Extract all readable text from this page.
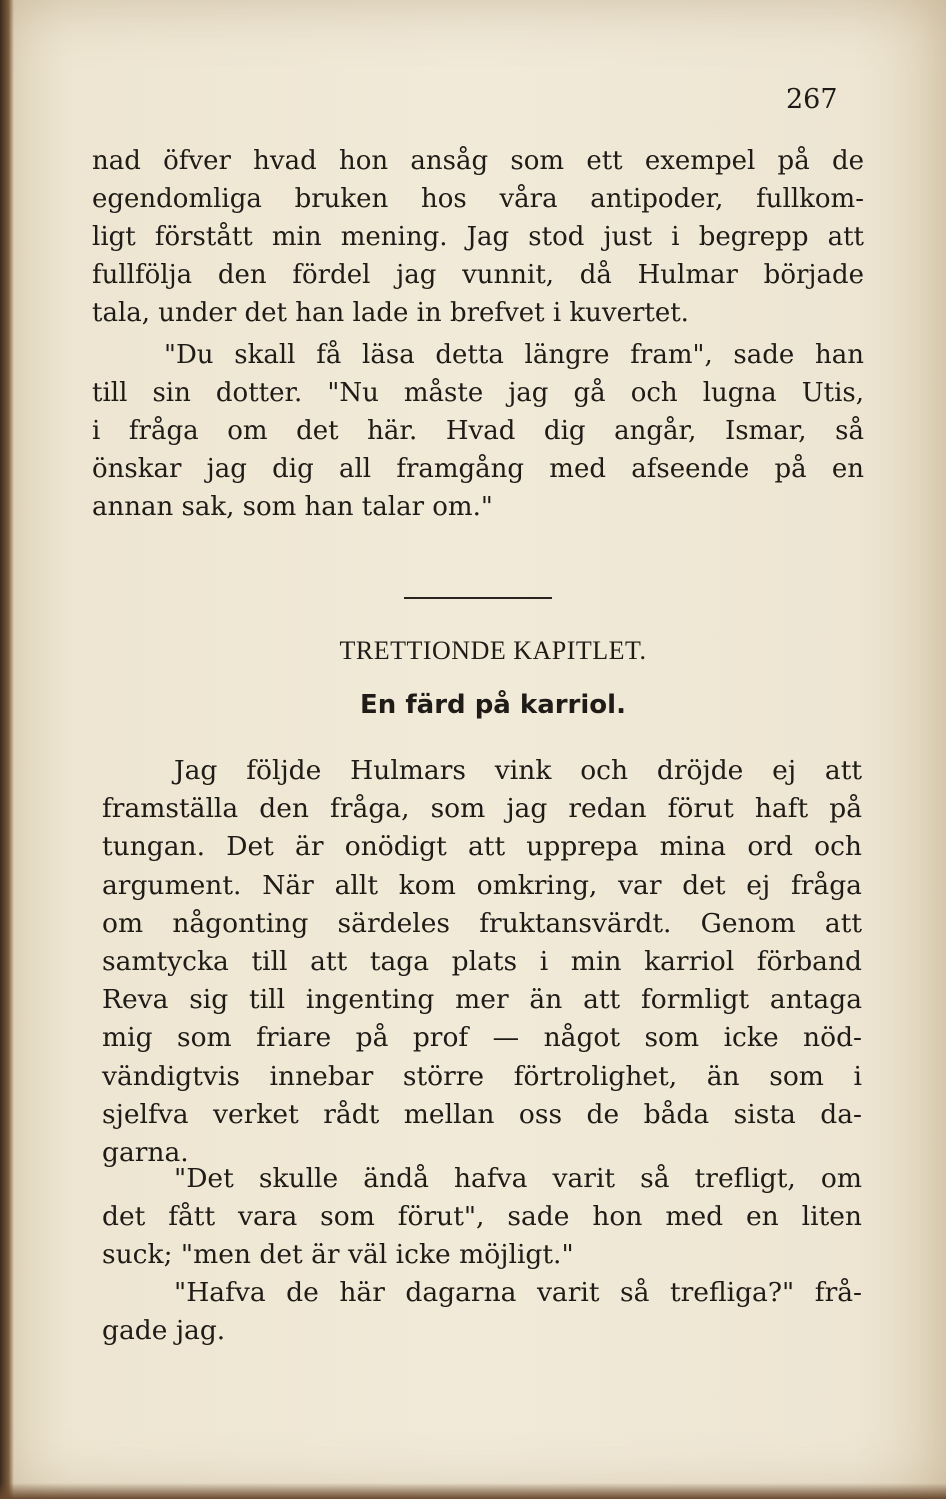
267
nad öfver hvad hon ansåg som ett exempel på de
egendomliga bruken hos våra antipoder, fullkom-
ligt förstått min mening. Jag stod just i begrepp att
fullfölja den fördel jag vunnit, då Hulmar började
tala, under det han lade in brefvet i kuvertet.
"Du skall få läsa detta längre fram", sade han
till sin dotter. "Nu måste jag gå och lugna Utis,
i fråga om det här. Hvad dig angår, Ismar, så
önskar jag dig all framgång med afseende på en
annan sak, som han talar om."
TRETTIONDE KAPITLET.
En färd på karriol.
Jag följde Hulmars vink och dröjde ej att
framställa den fråga, som jag redan förut haft på
tungan. Det är onödigt att upprepa mina ord och
argument. När allt kom omkring, var det ej fråga
om någonting särdeles fruktansvärdt. Genom att
samtycka till att taga plats i min karriol förband
Reva sig till ingenting mer än att formligt antaga
mig som friare på prof — något som icke nöd-
vändigtvis innebar större förtrolighet, än som i
sjelfva verket rådt mellan oss de båda sista da-
garna.
"Det skulle ändå hafva varit så trefligt, om
det fått vara som förut", sade hon med en liten
suck; "men det är väl icke möjligt."
"Hafva de här dagarna varit så trefliga?" frå-
gade jag.
